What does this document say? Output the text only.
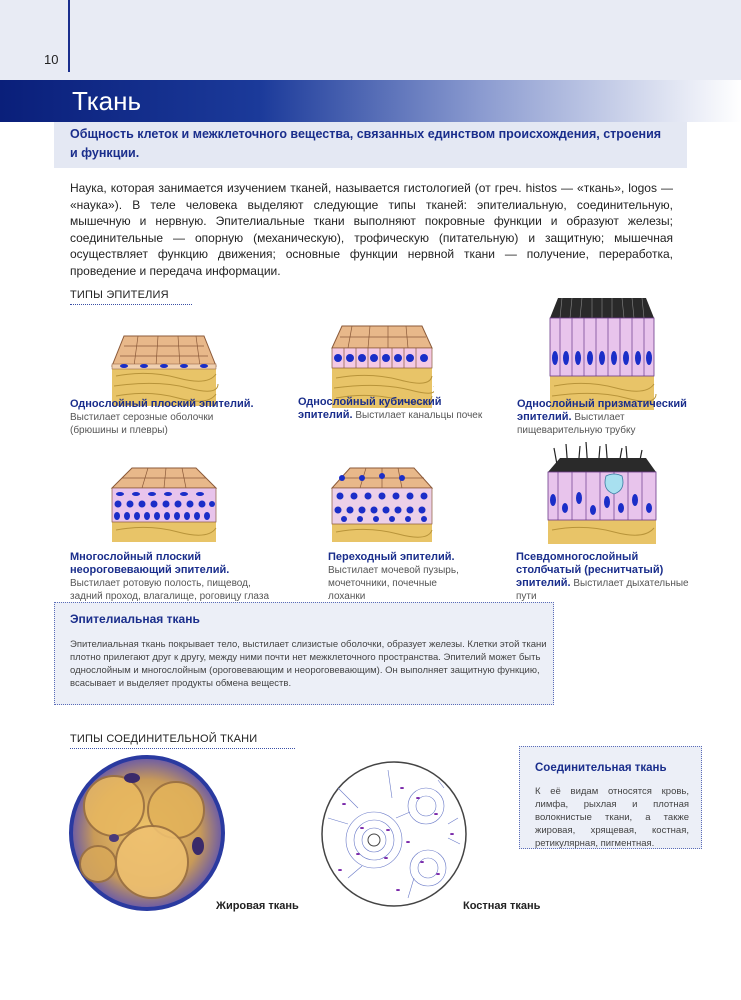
10
Ткань
Общность клеток и межклеточного вещества, связанных единством происхождения, строения и функции.
Наука, которая занимается изучением тканей, называется гистологией (от греч. histos — «ткань», logos — «наука»). В теле человека выделяют следующие типы тканей: эпителиальную, соединительную, мышечную и нервную. Эпителиальные ткани выполняют покровные функции и образуют железы; соединительные — опорную (механическую), трофическую (питательную) и защитную; мышечная осуществляет функцию движения; основные функции нервной ткани — получение, переработка, проведение и передача информации.
ТИПЫ ЭПИТЕЛИЯ
Однослойный плоский эпителий.
Выстилает серозные оболочки (брюшины и плевры)
Однослойный кубический эпителий. Выстилает канальцы почек
Однослойный призматический эпителий. Выстилает пищеварительную трубку
Многослойный плоский неороговевающий эпителий.
Выстилает ротовую полость, пищевод, задний проход, влагалище, роговицу глаза
Переходный эпителий.
Выстилает мочевой пузырь, мочеточники, почечные лоханки
Псевдомногослойный столбчатый (реснитчатый) эпителий. Выстилает дыхательные пути
Эпителиальная ткань
Эпителиальная ткань покрывает тело, выстилает слизистые оболочки, образует железы. Клетки этой ткани плотно прилегают друг к другу, между ними почти нет межклеточного пространства. Эпителий может быть однослойным и многослойным (ороговевающим и неороговевающим). Он выполняет защитную функцию, всасывает и выделяет продукты обмена веществ.
ТИПЫ СОЕДИНИТЕЛЬНОЙ ТКАНИ
Жировая ткань	Костная ткань
Соединительная ткань
К её видам относятся кровь, лимфа, рыхлая и плотная волокнистые ткани, а также жировая, хрящевая, костная, ретикулярная, пигментная.
